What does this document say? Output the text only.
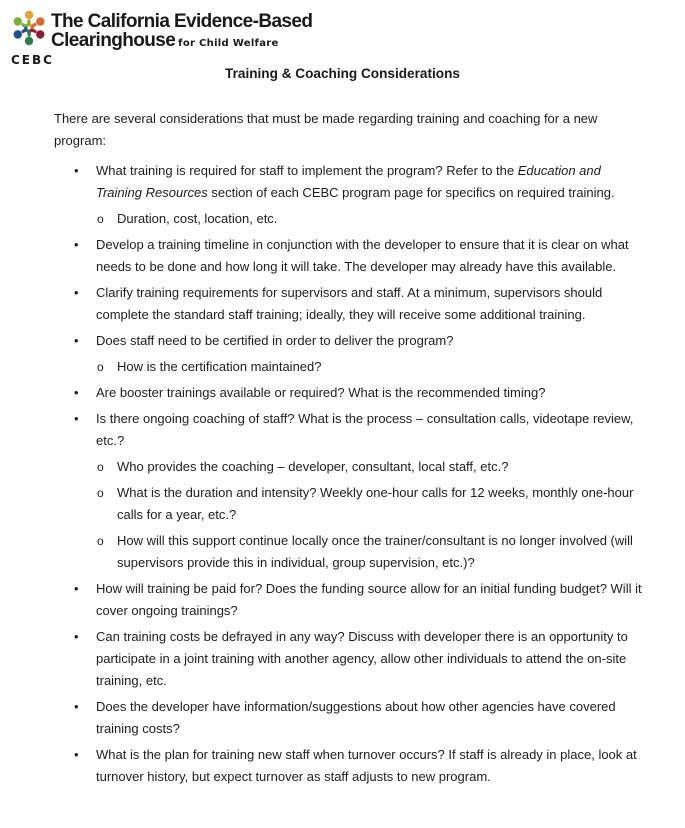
CEBC
The California Evidence-Based
Clearinghouse for Child Welfare
Training & Coaching Considerations

There are several considerations that must be made regarding training and coaching for a new program:

• What training is required for staff to implement the program? Refer to the Education and Training Resources section of each CEBC program page for specifics on required training.
o Duration, cost, location, etc.
• Develop a training timeline in conjunction with the developer to ensure that it is clear on what needs to be done and how long it will take. The developer may already have this available.
• Clarify training requirements for supervisors and staff. At a minimum, supervisors should complete the standard staff training; ideally, they will receive some additional training.
• Does staff need to be certified in order to deliver the program?
o How is the certification maintained?
• Are booster trainings available or required? What is the recommended timing?
• Is there ongoing coaching of staff? What is the process – consultation calls, videotape review, etc.?
o Who provides the coaching – developer, consultant, local staff, etc.?
o What is the duration and intensity? Weekly one-hour calls for 12 weeks, monthly one-hour calls for a year, etc.?
o How will this support continue locally once the trainer/consultant is no longer involved (will supervisors provide this in individual, group supervision, etc.)?
• How will training be paid for? Does the funding source allow for an initial funding budget? Will it cover ongoing trainings?
• Can training costs be defrayed in any way? Discuss with developer there is an opportunity to participate in a joint training with another agency, allow other individuals to attend the on-site training, etc.
• Does the developer have information/suggestions about how other agencies have covered training costs?
• What is the plan for training new staff when turnover occurs? If staff is already in place, look at turnover history, but expect turnover as staff adjusts to new program.
